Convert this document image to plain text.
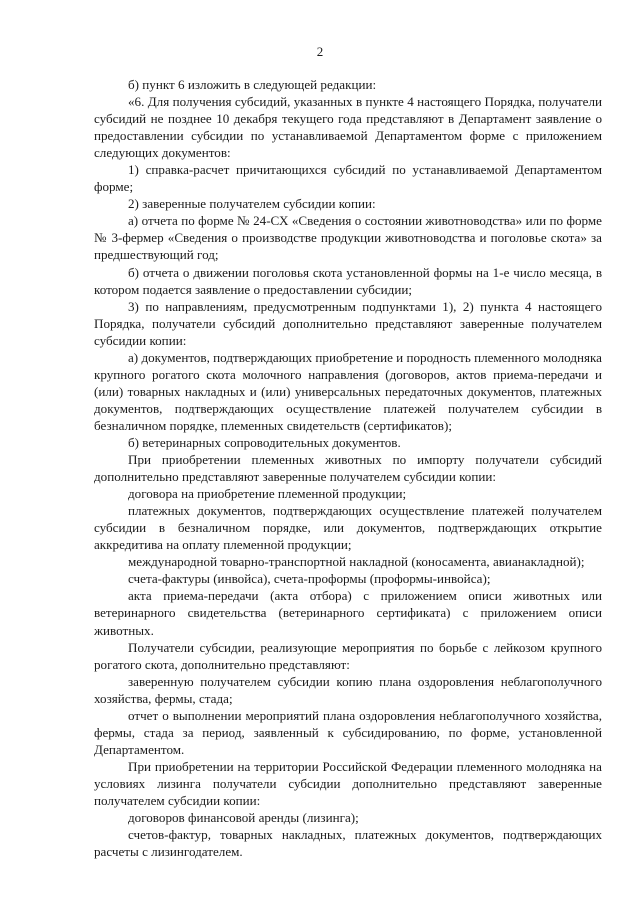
2

б) пункт 6 изложить в следующей редакции:

«6. Для получения субсидий, указанных в пункте 4 настоящего Порядка, получатели субсидий не позднее 10 декабря текущего года представляют в Департамент заявление о предоставлении субсидии по устанавливаемой Департаментом форме с приложением следующих документов:

1) справка-расчет причитающихся субсидий по устанавливаемой Департаментом форме;

2) заверенные получателем субсидии копии:

а) отчета по форме № 24-СХ «Сведения о состоянии животноводства» или по форме № 3-фермер «Сведения о производстве продукции животноводства и поголовье скота» за предшествующий год;

б) отчета о движении поголовья скота установленной формы на 1-е число месяца, в котором подается заявление о предоставлении субсидии;

3) по направлениям, предусмотренным подпунктами 1), 2) пункта 4 настоящего Порядка, получатели субсидий дополнительно представляют заверенные получателем субсидии копии:

а) документов, подтверждающих приобретение и породность племенного молодняка крупного рогатого скота молочного направления (договоров, актов приема-передачи и (или) товарных накладных и (или) универсальных передаточных документов, платежных документов, подтверждающих осуществление платежей получателем субсидии в безналичном порядке, племенных свидетельств (сертификатов);

б) ветеринарных сопроводительных документов.

При приобретении племенных животных по импорту получатели субсидий дополнительно представляют заверенные получателем субсидии копии:

договора на приобретение племенной продукции;

платежных документов, подтверждающих осуществление платежей получателем субсидии в безналичном порядке, или документов, подтверждающих открытие аккредитива на оплату племенной продукции;

международной товарно-транспортной накладной (коносамента, авианакладной);

счета-фактуры (инвойса), счета-проформы (проформы-инвойса);

акта приема-передачи (акта отбора) с приложением описи животных или ветеринарного свидетельства (ветеринарного сертификата) с приложением описи животных.

Получатели субсидии, реализующие мероприятия по борьбе с лейкозом крупного рогатого скота, дополнительно представляют:

заверенную получателем субсидии копию плана оздоровления неблагополучного хозяйства, фермы, стада;

отчет о выполнении мероприятий плана оздоровления неблагополучного хозяйства, фермы, стада за период, заявленный к субсидированию, по форме, установленной Департаментом.

При приобретении на территории Российской Федерации племенного молодняка на условиях лизинга получатели субсидии дополнительно представляют заверенные получателем субсидии копии:

договоров финансовой аренды (лизинга);

счетов-фактур, товарных накладных, платежных документов, подтверждающих расчеты с лизингодателем.
